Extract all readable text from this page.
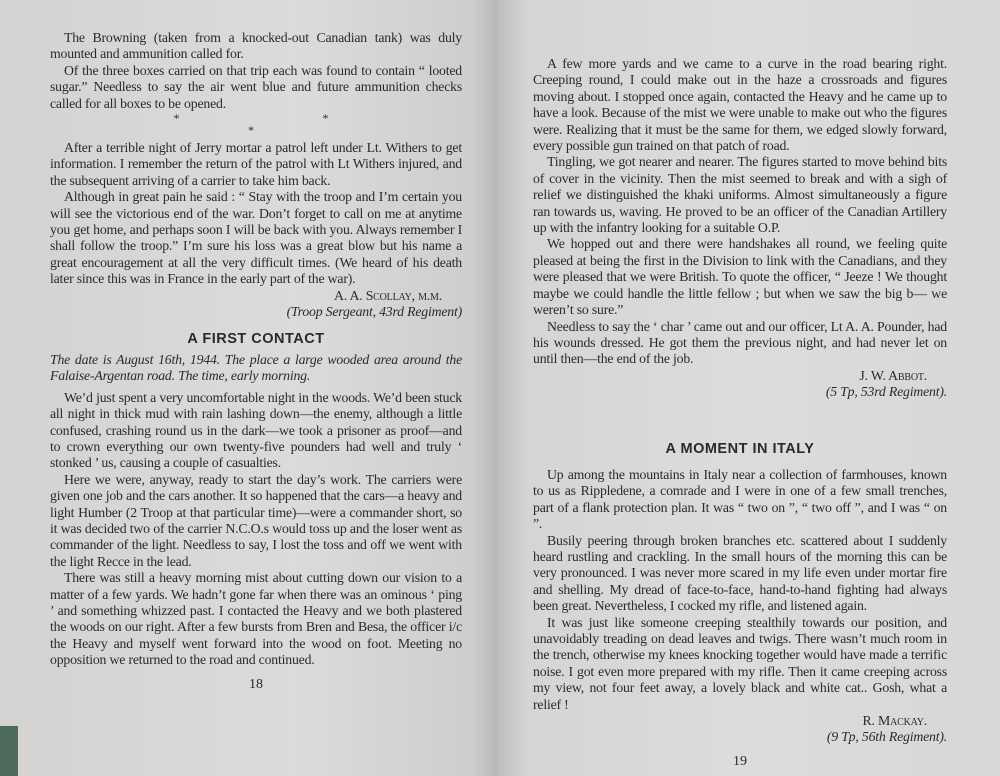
The Browning (taken from a knocked-out Canadian tank) was duly mounted and ammunition called for.

Of the three boxes carried on that trip each was found to contain “ looted sugar.” Needless to say the air went blue and future ammunition checks called for all boxes to be opened.

* * *

After a terrible night of Jerry mortar a patrol left under Lt. Withers to get information. I remember the return of the patrol with Lt Withers injured, and the subsequent arriving of a carrier to take him back.

Although in great pain he said : “ Stay with the troop and I’m certain you will see the victorious end of the war. Don’t forget to call on me at anytime you get home, and perhaps soon I will be back with you. Always remember I shall follow the troop.” I’m sure his loss was a great blow but his name a great encouragement at all the very difficult times. (We heard of his death later since this was in France in the early part of the war).

A. A. Scollay, m.m.
(Troop Sergeant, 43rd Regiment)
A FIRST CONTACT

The date is August 16th, 1944. The place a large wooded area around the Falaise-Argentan road. The time, early morning.

We’d just spent a very uncomfortable night in the woods. We’d been stuck all night in thick mud with rain lashing down—the enemy, although a little confused, crashing round us in the dark—we took a prisoner as proof—and to crown everything our own twenty-five pounders had well and truly ‘ stonked ’ us, causing a couple of casualties.

Here we were, anyway, ready to start the day’s work. The carriers were given one job and the cars another. It so happened that the cars—a heavy and light Humber (2 Troop at that particular time)—were a commander short, so it was decided two of the carrier N.C.O.s would toss up and the loser went as commander of the light. Needless to say, I lost the toss and off we went with the light Recce in the lead.

There was still a heavy morning mist about cutting down our vision to a matter of a few yards. We hadn’t gone far when there was an ominous ‘ ping ’ and something whizzed past. I contacted the Heavy and we both plastered the woods on our right. After a few bursts from Bren and Besa, the officer i/c the Heavy and myself went forward into the wood on foot. Meeting no opposition we returned to the road and continued.

18

A few more yards and we came to a curve in the road bearing right. Creeping round, I could make out in the haze a crossroads and figures moving about. I stopped once again, contacted the Heavy and he came up to have a look. Because of the mist we were unable to make out who the figures were. Realizing that it must be the same for them, we edged slowly forward, every possible gun trained on that patch of road.

Tingling, we got nearer and nearer. The figures started to move behind bits of cover in the vicinity. Then the mist seemed to break and with a sigh of relief we distinguished the khaki uniforms. Almost simultaneously a figure ran towards us, waving. He proved to be an officer of the Canadian Artillery up with the infantry looking for a suitable O.P.

We hopped out and there were handshakes all round, we feeling quite pleased at being the first in the Division to link with the Canadians, and they were pleased that we were British. To quote the officer, “ Jeeze ! We thought maybe we could handle the little fellow ; but when we saw the big b— we weren’t so sure.”

Needless to say the ‘ char ’ came out and our officer, Lt A. A. Pounder, had his wounds dressed. He got them the previous night, and had never let on until then—the end of the job.

J. W. Abbot.
(5 Tp, 53rd Regiment).
A MOMENT IN ITALY

Up among the mountains in Italy near a collection of farmhouses, known to us as Rippledene, a comrade and I were in one of a few small trenches, part of a flank protection plan. It was “ two on ”, “ two off ”, and I was “ on ”.

Busily peering through broken branches etc. scattered about I suddenly heard rustling and crackling. In the small hours of the morning this can be very pronounced. I was never more scared in my life even under mortar fire and shelling. My dread of face-to-face, hand-to-hand fighting had always been great. Nevertheless, I cocked my rifle, and listened again.

It was just like someone creeping stealthily towards our position, and unavoidably treading on dead leaves and twigs. There wasn’t much room in the trench, otherwise my knees knocking together would have made a terrific noise. I got even more prepared with my rifle. Then it came creeping across my view, not four feet away, a lovely black and white cat.. Gosh, what a relief !

R. Mackay.
(9 Tp, 56th Regiment).
19
